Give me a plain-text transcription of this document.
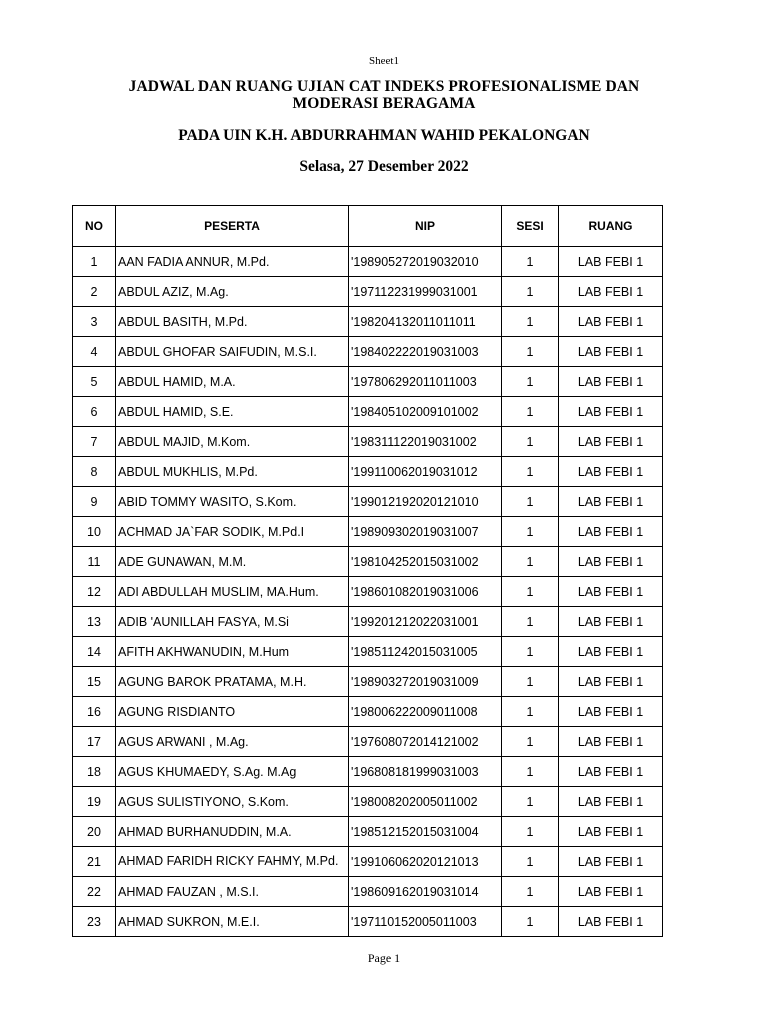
Sheet1
JADWAL DAN RUANG UJIAN CAT INDEKS PROFESIONALISME DAN
MODERASI BERAGAMA
PADA UIN K.H. ABDURRAHMAN WAHID PEKALONGAN
Selasa, 27 Desember 2022
NO	PESERTA	NIP	SESI	RUANG
1	AAN FADIA ANNUR, M.Pd.	'198905272019032010	1	LAB FEBI 1
2	ABDUL AZIZ, M.Ag.	'197112231999031001	1	LAB FEBI 1
3	ABDUL BASITH, M.Pd.	'198204132011011011	1	LAB FEBI 1
4	ABDUL GHOFAR SAIFUDIN, M.S.I.	'198402222019031003	1	LAB FEBI 1
5	ABDUL HAMID, M.A.	'197806292011011003	1	LAB FEBI 1
6	ABDUL HAMID, S.E.	'198405102009101002	1	LAB FEBI 1
7	ABDUL MAJID, M.Kom.	'198311122019031002	1	LAB FEBI 1
8	ABDUL MUKHLIS, M.Pd.	'199110062019031012	1	LAB FEBI 1
9	ABID TOMMY WASITO, S.Kom.	'199012192020121010	1	LAB FEBI 1
10	ACHMAD JA`FAR SODIK, M.Pd.I	'198909302019031007	1	LAB FEBI 1
11	ADE GUNAWAN, M.M.	'198104252015031002	1	LAB FEBI 1
12	ADI ABDULLAH MUSLIM, MA.Hum.	'198601082019031006	1	LAB FEBI 1
13	ADIB 'AUNILLAH FASYA, M.Si	'199201212022031001	1	LAB FEBI 1
14	AFITH AKHWANUDIN, M.Hum	'198511242015031005	1	LAB FEBI 1
15	AGUNG BAROK PRATAMA, M.H.	'198903272019031009	1	LAB FEBI 1
16	AGUNG RISDIANTO	'198006222009011008	1	LAB FEBI 1
17	AGUS ARWANI , M.Ag.	'197608072014121002	1	LAB FEBI 1
18	AGUS KHUMAEDY, S.Ag. M.Ag	'196808181999031003	1	LAB FEBI 1
19	AGUS SULISTIYONO, S.Kom.	'198008202005011002	1	LAB FEBI 1
20	AHMAD BURHANUDDIN, M.A.	'198512152015031004	1	LAB FEBI 1
21	AHMAD FARIDH RICKY FAHMY, M.Pd.	'199106062020121013	1	LAB FEBI 1
22	AHMAD FAUZAN , M.S.I.	'198609162019031014	1	LAB FEBI 1
23	AHMAD SUKRON, M.E.I.	'197110152005011003	1	LAB FEBI 1
Page 1
